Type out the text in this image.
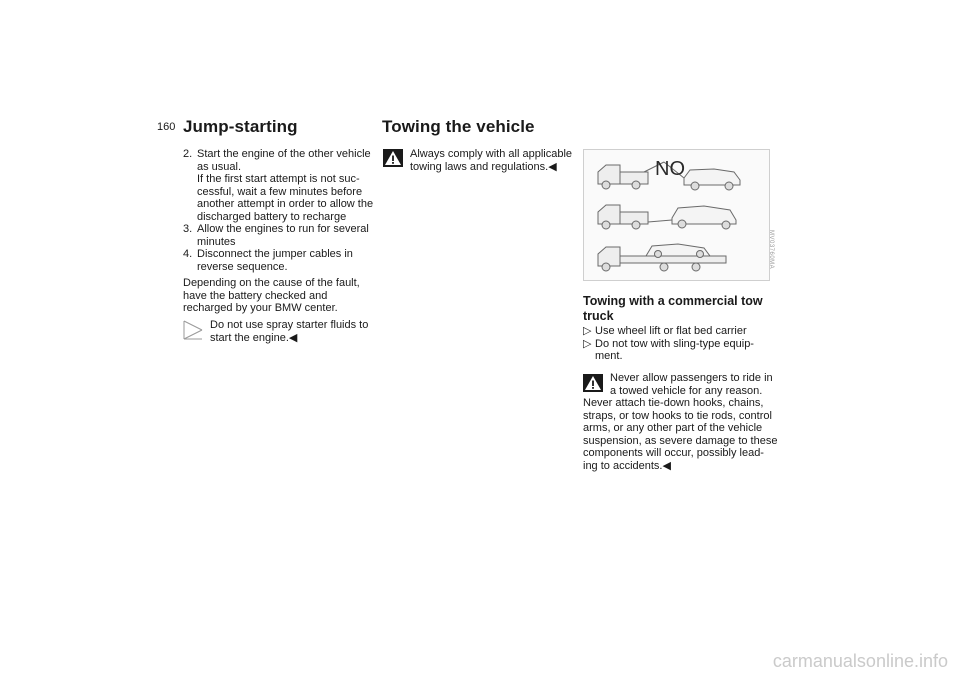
160 Jump-starting	Towing the vehicle
2. Start the engine of the other vehicle
as usual.
If the first start attempt is not suc-
cessful, wait a few minutes before
another attempt in order to allow the
discharged battery to recharge
3. Allow the engines to run for several
minutes
4. Disconnect the jumper cables in
reverse sequence.

Depending on the cause of the fault,
have the battery checked and
recharged by your BMW center.

Do not use spray starter fluids to
start the engine.◀
Always comply with all applicable
towing laws and regulations.◀	NO
MV03760MA
Towing with a commercial tow
truck
▷ Use wheel lift or flat bed carrier
▷ Do not tow with sling-type equip-
ment.
Never allow passengers to ride in
a towed vehicle for any reason.
Never attach tie-down hooks, chains,
straps, or tow hooks to tie rods, control
arms, or any other part of the vehicle
suspension, as severe damage to these
components will occur, possibly lead-
ing to accidents.◀
carmanualsonline.info
